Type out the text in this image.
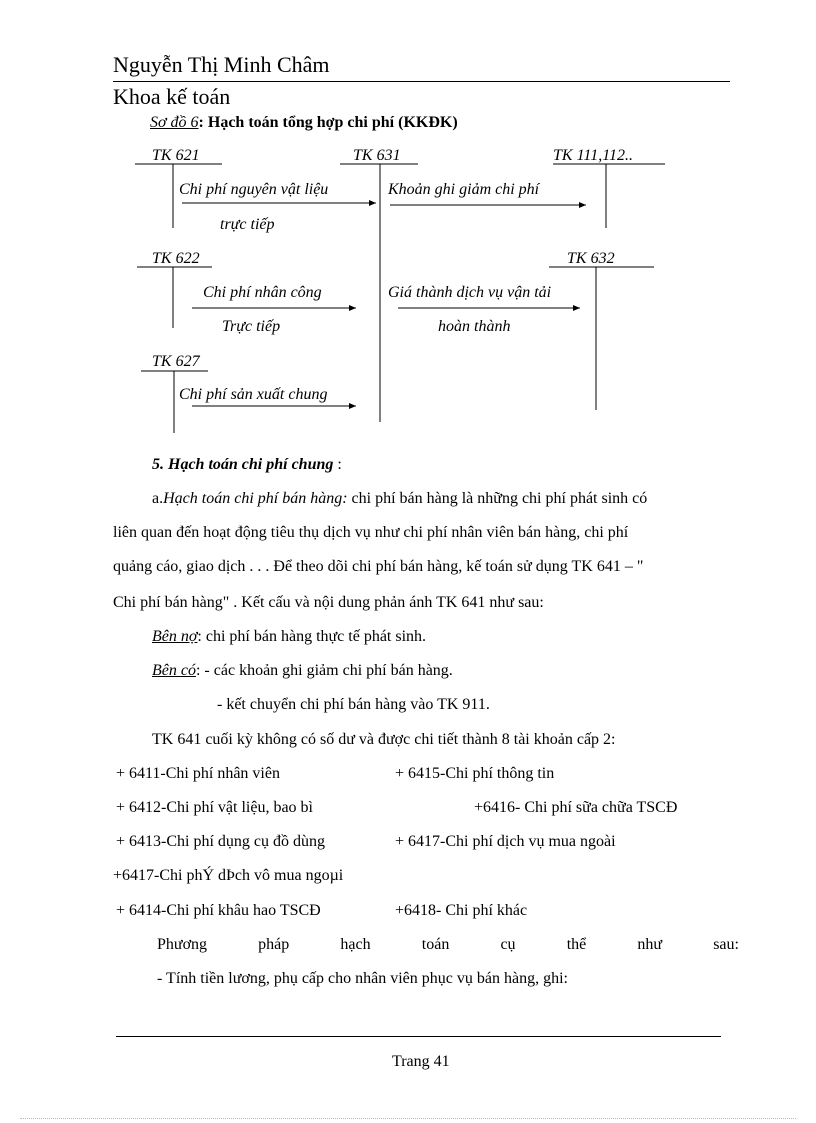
Nguyễn Thị Minh Châm
Khoa kế toán
Sơ đồ 6: Hạch toán tổng hợp chi phí (KKĐK)
TK 621	TK 631	TK 111,112..
TK 622	TK 632
TK 627
Chi phí nguyên vật liệu
trực tiếp
Khoản ghi giảm chi phí
Chi phí nhân công
Trực tiếp
Giá thành dịch vụ vận tải
hoàn thành
Chi phí sản xuất chung
5. Hạch toán chi phí chung :
a.Hạch toán chi phí bán hàng: chi phí bán hàng là những chi phí phát sinh có
liên quan đến hoạt động tiêu thụ dịch vụ như chi phí nhân viên bán hàng, chi phí
quảng cáo, giao dịch . . . Để theo dõi chi phí bán hàng, kế toán sử dụng TK 641 – "
Chi phí bán hàng" . Kết cấu và nội dung phản ánh TK 641 như sau:
Bên nợ: chi phí bán hàng thực tế phát sinh.
Bên có: - các khoản ghi giảm chi phí bán hàng.
- kết chuyển chi phí bán hàng vào TK 911.
TK 641 cuối kỳ không có số dư và được chi tiết thành 8 tài khoản cấp 2:
+ 6411-Chi phí nhân viên	+ 6415-Chi phí thông tin
+ 6412-Chi phí vật liệu, bao bì	+6416- Chi phí sữa chữa TSCĐ
+ 6413-Chi phí dụng cụ đồ dùng	+ 6417-Chi phí dịch vụ mua ngoài
+6417-Chi phÝ dÞch vô mua ngoµi
+ 6414-Chi phí khâu hao TSCĐ	+6418- Chi phí khác
Phương	pháp	hạch	toán	cụ	thể	như	sau:
- Tính tiền lương, phụ cấp cho nhân viên phục vụ bán hàng, ghi:
Trang 41
